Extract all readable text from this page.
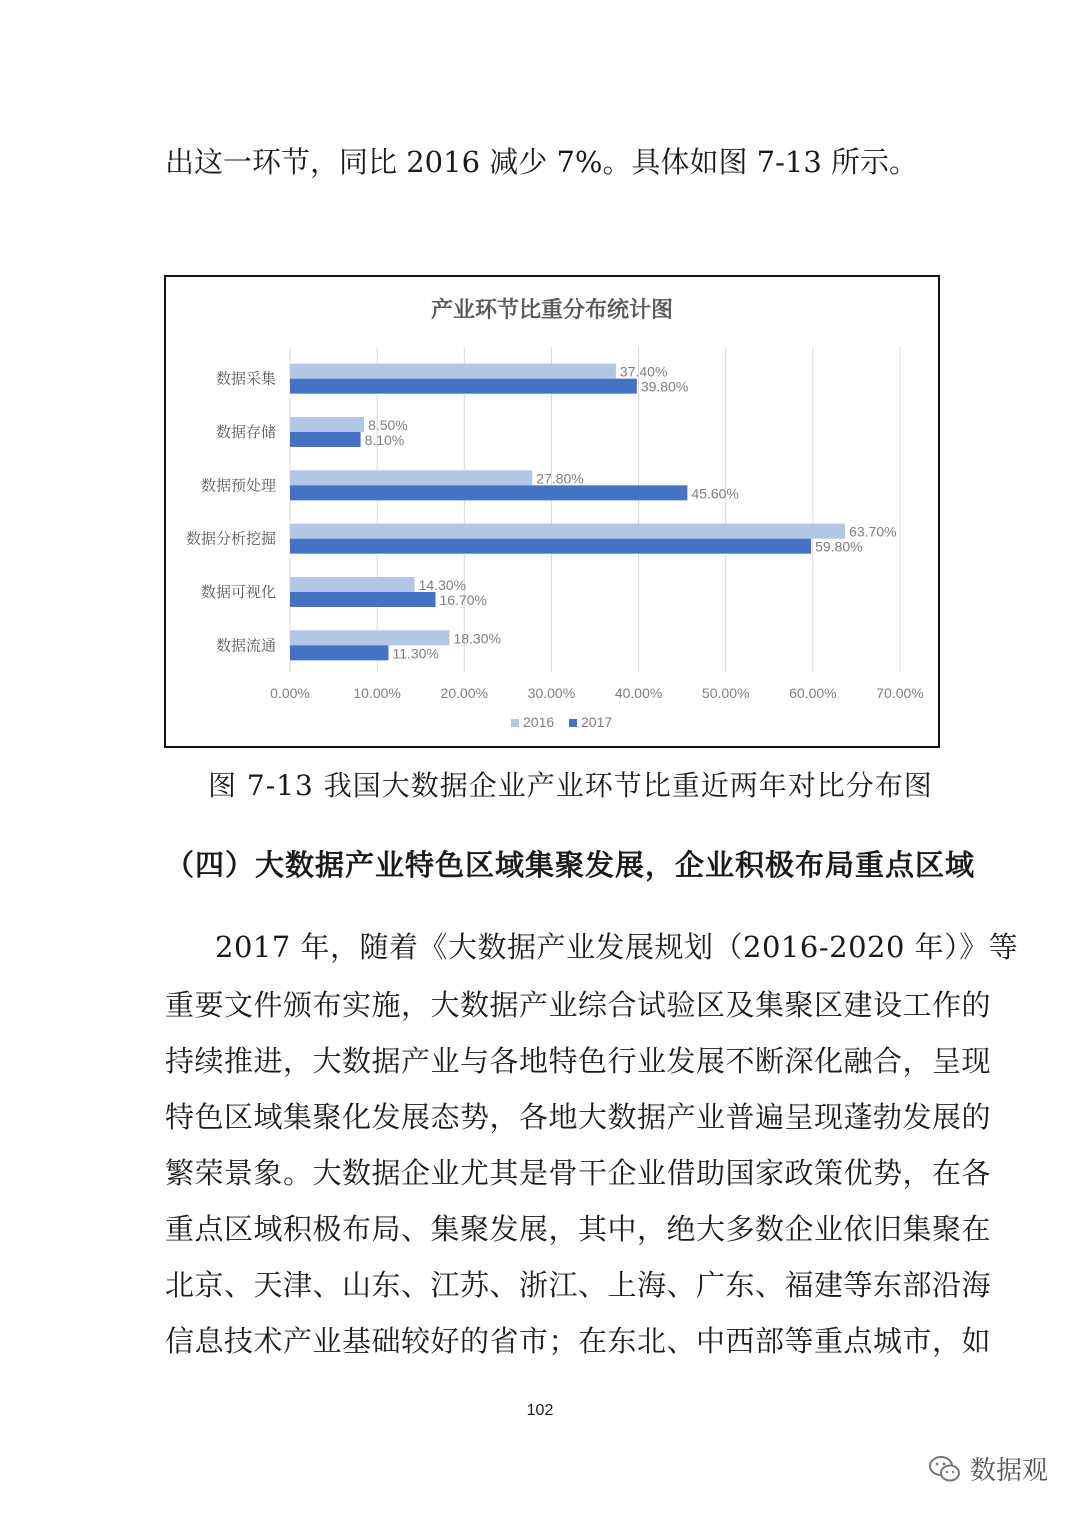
出这一环节，同比 2016 减少 7%。具体如图 7-13 所示。
产业环节比重分布统计图
37.40%
39.80%
8.50%
8.10%
27.80%
45.60%
63.70%
59.80%
14.30%
16.70%
18.30%
11.30%
数据采集
数据存储
数据预处理
数据分析挖掘
数据可视化
数据流通
0.00%	10.00%	20.00%	30.00%	40.00%	50.00%	60.00%	70.00%
2016 2017
图 7-13 我国大数据企业产业环节比重近两年对比分布图
（四）大数据产业特色区域集聚发展，企业积极布局重点区域

2017 年，随着《大数据产业发展规划（2016-2020 年）》等

重要文件颁布实施，大数据产业综合试验区及集聚区建设工作的

持续推进，大数据产业与各地特色行业发展不断深化融合，呈现

特色区域集聚化发展态势，各地大数据产业普遍呈现蓬勃发展的

繁荣景象。大数据企业尤其是骨干企业借助国家政策优势，在各

重点区域积极布局、集聚发展，其中，绝大多数企业依旧集聚在

北京、天津、山东、江苏、浙江、上海、广东、福建等东部沿海

信息技术产业基础较好的省市；在东北、中西部等重点城市，如

102
数据观
